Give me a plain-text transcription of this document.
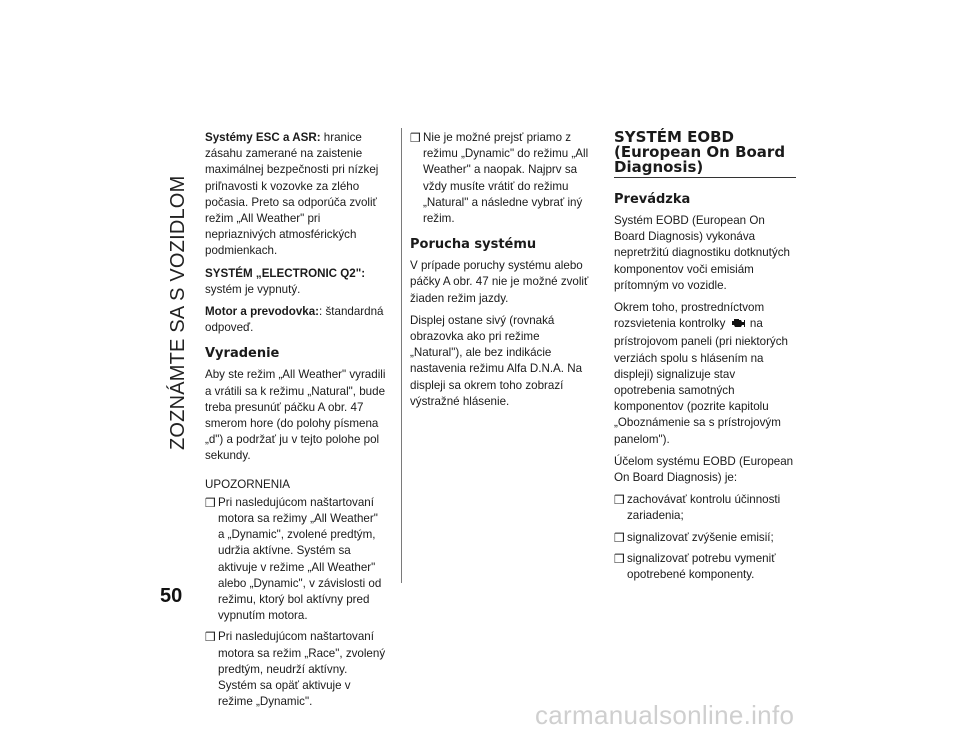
ZOZNÁMTE SA S VOZIDLOM
50

Systémy ESC a ASR: hranice zásahu zamerané na zaistenie maximálnej bezpečnosti pri nízkej priľnavosti k vozovke za zlého počasia. Preto sa odporúča zvoliť režim „All Weather" pri nepriaznivých atmosférických podmienkach.

SYSTÉM „ELECTRONIC Q2": systém je vypnutý.

Motor a prevodovka:: štandardná odpoveď.

Vyradenie

Aby ste režim „All Weather" vyradili a vrátili sa k režimu „Natural", bude treba presunúť páčku A obr. 47 smerom hore (do polohy písmena „d") a podržať ju v tejto polohe pol sekundy.

UPOZORNENIA

❒ Pri nasledujúcom naštartovaní motora sa režimy „All Weather" a „Dynamic", zvolené predtým, udržia aktívne. Systém sa aktivuje v režime „All Weather" alebo „Dynamic", v závislosti od režimu, ktorý bol aktívny pred vypnutím motora.
❒ Pri nasledujúcom naštartovaní motora sa režim „Race", zvolený predtým, neudrží aktívny. Systém sa opäť aktivuje v režime „Dynamic".
❒ Nie je možné prejsť priamo z režimu „Dynamic" do režimu „All Weather" a naopak. Najprv sa vždy musíte vrátiť do režimu „Natural" a následne vybrať iný režim.
Porucha systému

V prípade poruchy systému alebo páčky A obr. 47 nie je možné zvoliť žiaden režim jazdy.

Displej ostane sivý (rovnaká obrazovka ako pri režime „Natural"), ale bez indikácie nastavenia režimu Alfa D.N.A. Na displeji sa okrem toho zobrazí výstražné hlásenie.

SYSTÉM EOBD (European On Board Diagnosis)
Prevádzka

Systém EOBD (European On Board Diagnosis) vykonáva nepretržitú diagnostiku dotknutých komponentov voči emisiám prítomným vo vozidle.

Okrem toho, prostredníctvom rozsvietenia kontrolky  na prístrojovom paneli (pri niektorých verziách spolu s hlásením na displeji) signalizuje stav opotrebenia samotných komponentov (pozrite kapitolu „Oboznámenie sa s prístrojovým panelom").

Účelom systému EOBD (European On Board Diagnosis) je:

❒ zachovávať kontrolu účinnosti zariadenia;
❒ signalizovať zvýšenie emisií;
❒ signalizovať potrebu vymeniť opotrebené komponenty.
carmanualsonline.info
